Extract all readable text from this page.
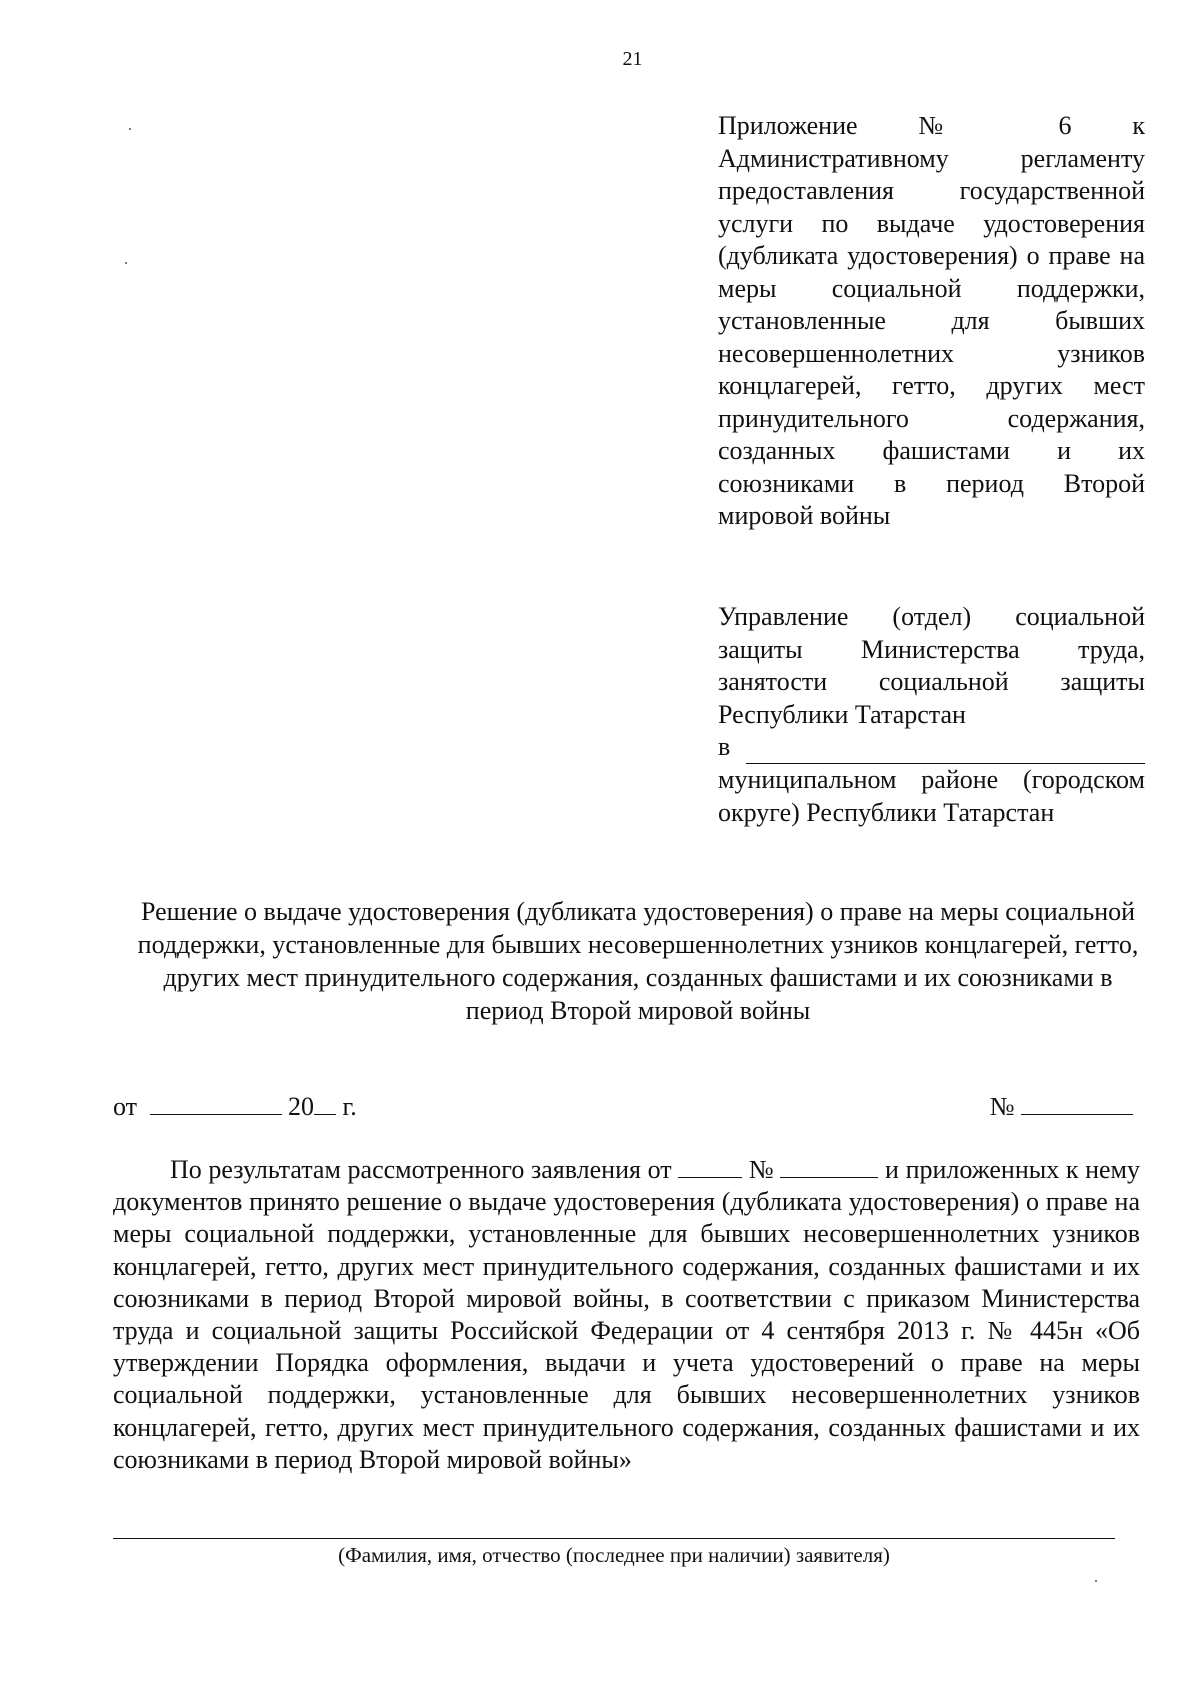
21
Приложение № 6 к Административному регламенту предоставления государственной услуги по выдаче удостоверения (дубликата удостоверения) о праве на меры социальной поддержки, установленные для бывших несовершеннолетних узников концлагерей, гетто, других мест принудительного содержания, созданных фашистами и их союзниками в период Второй мировой войны

Управление (отдел) социальной защиты Министерства труда, занятости социальной защиты Республики Татарстан

в

муниципальном районе (городском округе) Республики Татарстан

Решение о выдаче удостоверения (дубликата удостоверения) о праве на меры социальной поддержки, установленные для бывших несовершеннолетних узников концлагерей, гетто, других мест принудительного содержания, созданных фашистами и их союзниками в период Второй мировой войны
от	20 г.	№

По результатам рассмотренного заявления от	№	и приложенных к нему документов принято решение о выдаче удостоверения (дубликата удостоверения) о праве на меры социальной поддержки, установленные для бывших несовершеннолетних узников концлагерей, гетто, других мест принудительного содержания, созданных фашистами и их союзниками в период Второй мировой войны, в соответствии с приказом Министерства труда и социальной защиты Российской Федерации от 4 сентября 2013 г. № 445н «Об утверждении Порядка оформления, выдачи и учета удостоверений о праве на меры социальной поддержки, установленные для бывших несовершеннолетних узников концлагерей, гетто, других мест принудительного содержания, созданных фашистами и их союзниками в период Второй мировой войны»

(Фамилия, имя, отчество (последнее при наличии) заявителя)
